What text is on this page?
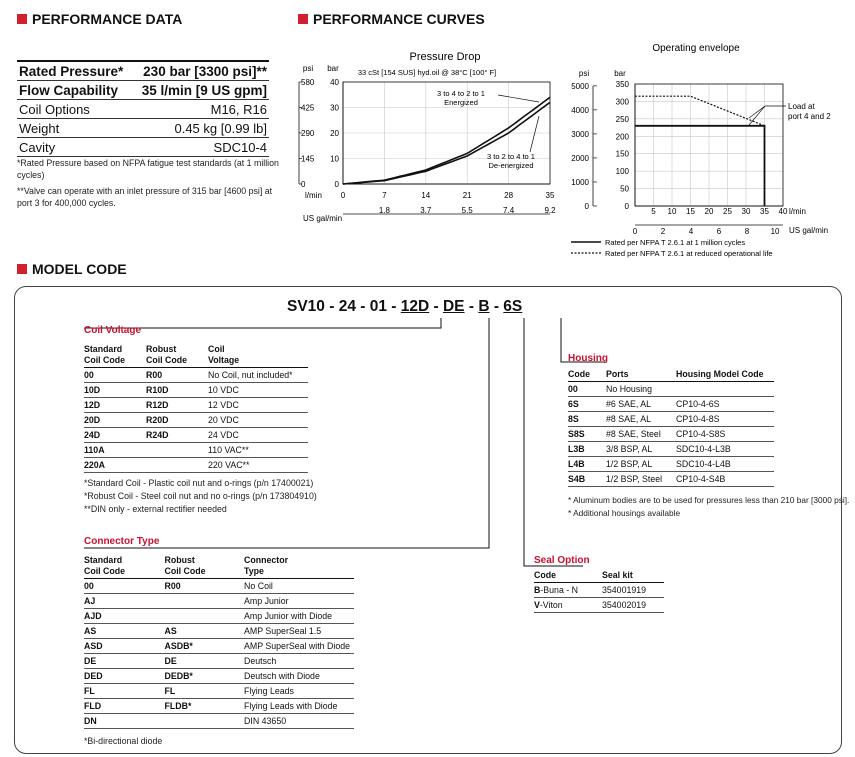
PERFORMANCE DATA	PERFORMANCE CURVES
MODEL CODE
Rated Pressure*	230 bar [3300 psi]**
Flow Capability	35 l/min [9 US gpm]
Coil Options	M16, R16
Weight	0.45 kg [0.99 lb]
Cavity	SDC10-4
*Rated Pressure based on NFPA fatigue test standards (at 1 million cycles)
**Valve can operate with an inlet pressure of 315 bar [4600 psi] at port 3 for 400,000 cycles.
Pressure Drop
33 cSt [154 SUS] hyd.oil @ 38°C [100° F]
psi bar
40
580
30
425
20
290
10
145
0
0
0	7	14	21	28	35
1.8	3.7	5.5	7.4	9.2
l/min
US gal/min
3 to 4 to 2 to 1
Energized
3 to 2 to 4 to 1
De-energized
Operating envelope
psi	bar
350
300
250
200
150
100
50
0
5000
4000
3000
2000
1000
0
5 10 15 20 25 30 35 40
0	2	4	6	8	10
l/min
US gal/min
Load at
port 4 and 2
Rated per NFPA T 2.6.1 at 1 million cycles
Rated per NFPA T 2.6.1 at reduced operational life
SV10 - 24 - 01 - 12D - DE - B - 6S
Coil Voltage
Standard
Coil Code	Robust
Coil Code	Coil
Voltage
00	R00	No Coil, nut included*
10D	R10D	10 VDC
12D	R12D	12 VDC
20D	R20D	20 VDC
24D	R24D	24 VDC
110A		110 VAC**
220A		220 VAC**
*Standard Coil - Plastic coil nut and o-rings (p/n 17400021)
*Robust Coil - Steel coil nut and no o-rings (p/n 173804910)
**DIN only - external rectifier needed
Connector Type
Standard
Coil Code	Robust
Coil Code	Connector
Type
00	R00	No Coil
AJ		Amp Junior
AJD		Amp Junior with Diode
AS	AS	AMP SuperSeal 1.5
ASD	ASDB*	AMP SuperSeal with Diode
DE	DE	Deutsch
DED	DEDB*	Deutsch with Diode
FL	FL	Flying Leads
FLD	FLDB*	Flying Leads with Diode
DN		DIN 43650
*Bi-directional diode
Housing
Code	Ports	Housing Model Code
00	No Housing	
6S	#6 SAE, AL	CP10-4-6S
8S	#8 SAE, AL	CP10-4-8S
S8S	#8 SAE, Steel	CP10-4-S8S
L3B	3/8 BSP, AL	SDC10-4-L3B
L4B	1/2 BSP, AL	SDC10-4-L4B
S4B	1/2 BSP, Steel	CP10-4-S4B
* Aluminum bodies are to be used for pressures less than 210 bar [3000 psi].
* Additional housings available
Seal Option
Code	Seal kit
B-Buna - N	354001919
V-Viton	354002019
